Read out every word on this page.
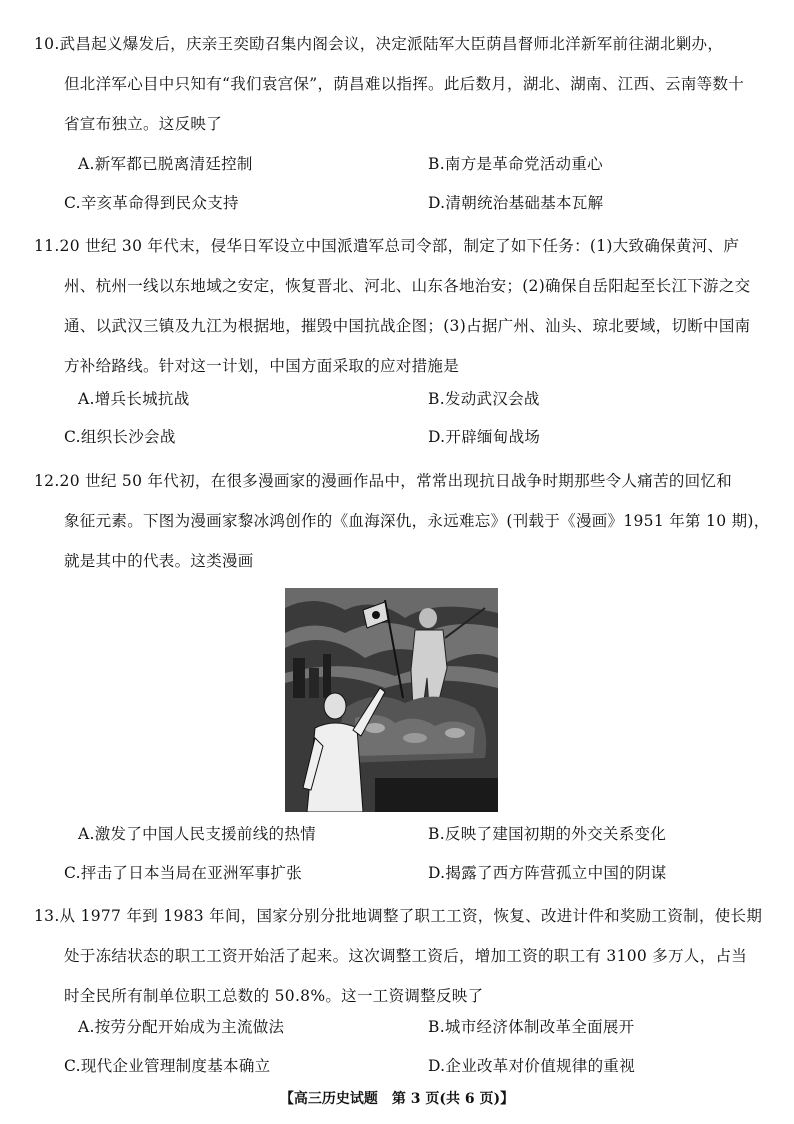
10.武昌起义爆发后，庆亲王奕劻召集内阁会议，决定派陆军大臣荫昌督师北洋新军前往湖北剿办，
但北洋军心目中只知有“我们袁宫保”，荫昌难以指挥。此后数月，湖北、湖南、江西、云南等数十
省宣布独立。这反映了
A.新军都已脱离清廷控制	B.南方是革命党活动重心
C.辛亥革命得到民众支持	D.清朝统治基础基本瓦解
11.20 世纪 30 年代末，侵华日军设立中国派遣军总司令部，制定了如下任务：(1)大致确保黄河、庐
州、杭州一线以东地域之安定，恢复晋北、河北、山东各地治安；(2)确保自岳阳起至长江下游之交
通、以武汉三镇及九江为根据地，摧毁中国抗战企图；(3)占据广州、汕头、琼北要域，切断中国南
方补给路线。针对这一计划，中国方面采取的应对措施是
A.增兵长城抗战	B.发动武汉会战
C.组织长沙会战	D.开辟缅甸战场
12.20 世纪 50 年代初，在很多漫画家的漫画作品中，常常出现抗日战争时期那些令人痛苦的回忆和
象征元素。下图为漫画家黎冰鸿创作的《血海深仇，永远难忘》(刊载于《漫画》1951 年第 10 期)，
就是其中的代表。这类漫画
A.激发了中国人民支援前线的热情	B.反映了建国初期的外交关系变化
C.抨击了日本当局在亚洲军事扩张	D.揭露了西方阵营孤立中国的阴谋
13.从 1977 年到 1983 年间，国家分别分批地调整了职工工资，恢复、改进计件和奖励工资制，使长期
处于冻结状态的职工工资开始活了起来。这次调整工资后，增加工资的职工有 3100 多万人，占当
时全民所有制单位职工总数的 50.8%。这一工资调整反映了
A.按劳分配开始成为主流做法	B.城市经济体制改革全面展开
C.现代企业管理制度基本确立	D.企业改革对价值规律的重视
【高三历史试题 第 3 页(共 6 页)】
